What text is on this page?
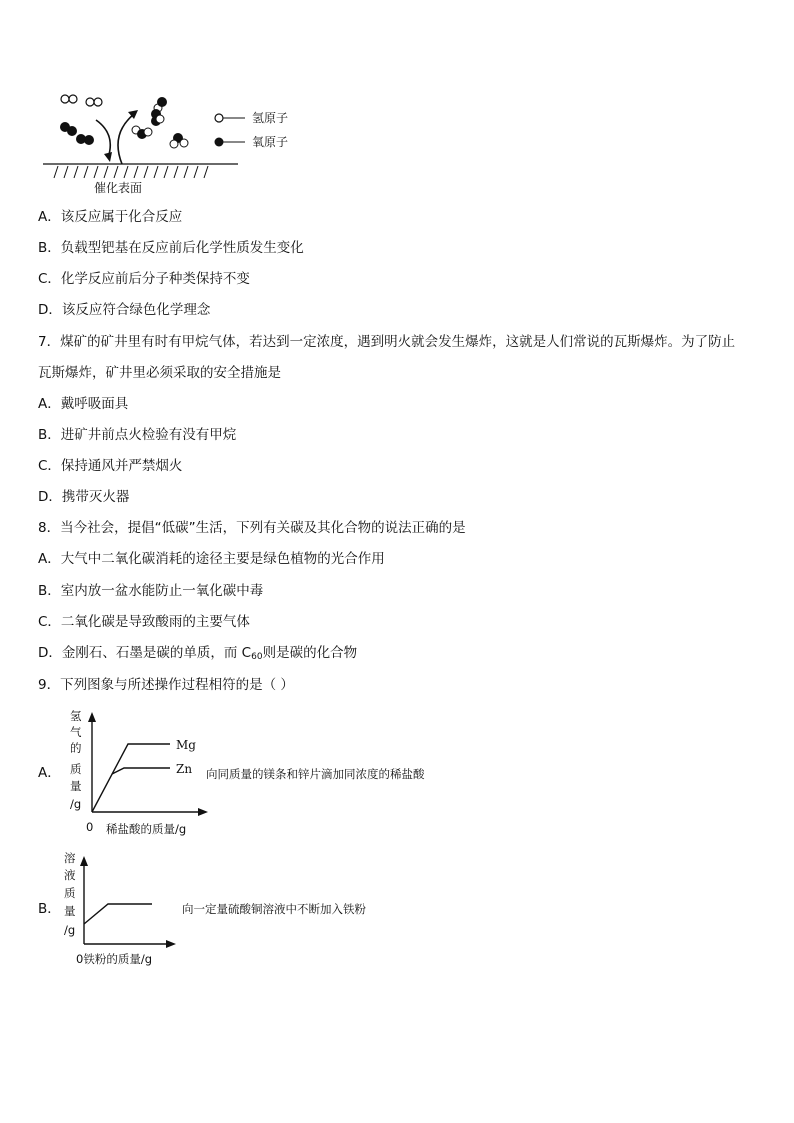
氢原子
氧原子
催化表面
A．该反应属于化合反应
B．负载型钯基在反应前后化学性质发生变化
C．化学反应前后分子种类保持不变
D．该反应符合绿色化学理念
7．煤矿的矿井里有时有甲烷气体，若达到一定浓度，遇到明火就会发生爆炸，这就是人们常说的瓦斯爆炸。为了防止
瓦斯爆炸，矿井里必须采取的安全措施是
A．戴呼吸面具
B．进矿井前点火检验有没有甲烷
C．保持通风并严禁烟火
D．携带灭火器
8．当今社会，提倡“低碳”生活，下列有关碳及其化合物的说法正确的是
A．大气中二氧化碳消耗的途径主要是绿色植物的光合作用
B．室内放一盆水能防止一氧化碳中毒
C．二氧化碳是导致酸雨的主要气体
D．金刚石、石墨是碳的单质，而 $C_{60}$则是碳的化合物
9．下列图象与所述操作过程相符的是（ ）
A．
氢
气
的
质
量
/g
Mg
Zn
0 稀盐酸的质量/g
向同质量的镁条和锌片滴加同浓度的稀盐酸
B．
溶
液
质
量
/g
0铁粉的质量/g
向一定量硫酸铜溶液中不断加入铁粉
